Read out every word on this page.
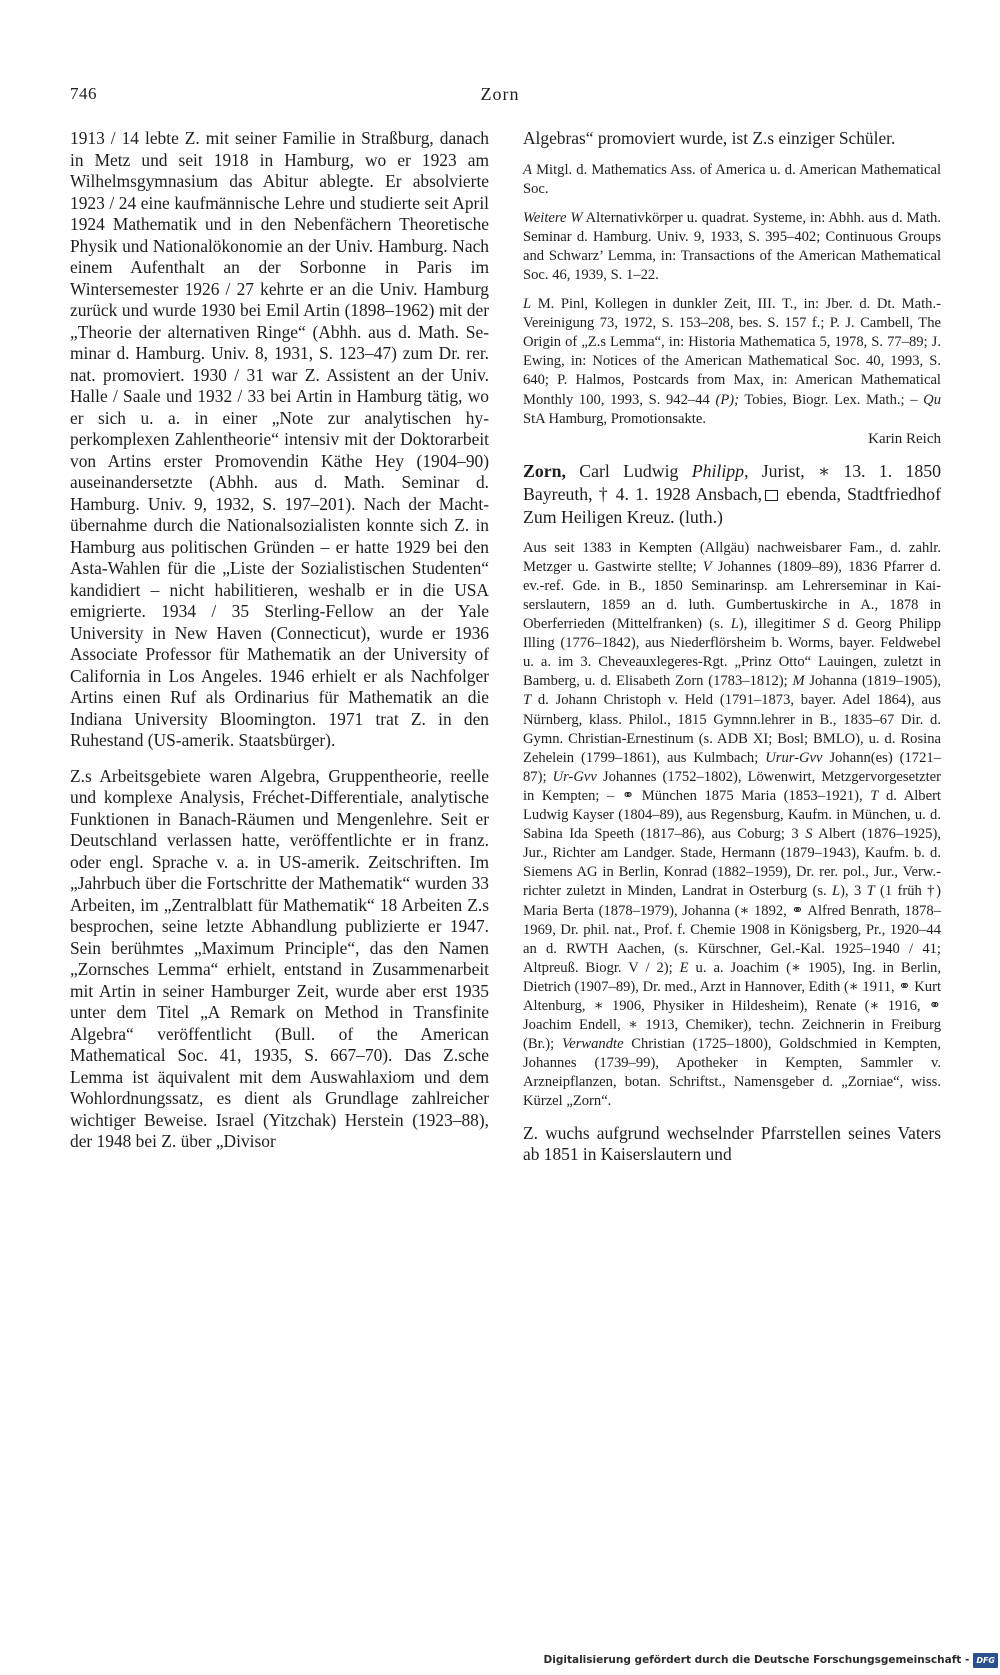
746	Zorn

1913 / 14 lebte Z. mit seiner Familie in Straßburg, danach in Metz und seit 1918 in Hamburg, wo er 1923 am Wilhelmsgymnasium das Abitur ablegte. Er absolvierte 1923 / 24 eine kaufmännische Lehre und studierte seit April 1924 Mathematik und in den Nebenfächern Theoretische Physik und Nationalökonomie an der Univ. Hamburg. Nach einem Aufenthalt an der Sorbonne in Paris im Wintersemester 1926 / 27 kehrte er an die Univ. Hamburg zurück und wurde 1930 bei Emil Artin (1898–1962) mit der „Theorie der alternativen Ringe“ (Abhh. aus d. Math. Seminar d. Hamburg. Univ. 8, 1931, S. 123–47) zum Dr. rer. nat. promoviert. 1930 / 31 war Z. Assistent an der Univ. Halle / Saale und 1932 / 33 bei Artin in Hamburg tätig, wo er sich u. a. in einer „Note zur analytischen hyperkomplexen Zahlentheorie“ intensiv mit der Doktorarbeit von Artins erster Promovendin Käthe Hey (1904–90) auseinandersetzte (Abhh. aus d. Math. Seminar d. Hamburg. Univ. 9, 1932, S. 197–201). Nach der Machtübernahme durch die Nationalsozialisten konnte sich Z. in Hamburg aus politischen Gründen – er hatte 1929 bei den Asta-Wahlen für die „Liste der Sozialistischen Studenten“ kandidiert – nicht habilitieren, weshalb er in die USA emigrierte. 1934 / 35 Sterling-Fellow an der Yale University in New Haven (Connecticut), wurde er 1936 Associate Professor für Mathematik an der University of California in Los Angeles. 1946 erhielt er als Nachfolger Artins einen Ruf als Ordinarius für Mathematik an die Indiana University Bloomington. 1971 trat Z. in den Ruhestand (US-amerik. Staatsbürger).

Z.s Arbeitsgebiete waren Algebra, Gruppentheorie, reelle und komplexe Analysis, Fréchet-Differentiale, analytische Funktionen in Banach-Räumen und Mengenlehre. Seit er Deutschland verlassen hatte, veröffentlichte er in franz. oder engl. Sprache v. a. in US-amerik. Zeitschriften. Im „Jahrbuch über die Fortschritte der Mathematik“ wurden 33 Arbeiten, im „Zentralblatt für Mathematik“ 18 Arbeiten Z.s besprochen, seine letzte Abhandlung publizierte er 1947. Sein berühmtes „Maximum Principle“, das den Namen „Zornsches Lemma“ erhielt, entstand in Zusammenarbeit mit Artin in seiner Hamburger Zeit, wurde aber erst 1935 unter dem Titel „A Remark on Method in Transfinite Algebra“ veröffentlicht (Bull. of the American Mathematical Soc. 41, 1935, S. 667–70). Das Z.sche Lemma ist äquivalent mit dem Auswahlaxiom und dem Wohlordnungssatz, es dient als Grundlage zahlreicher wichtiger Beweise. Israel (Yitzchak) Herstein (1923–88), der 1948 bei Z. über „Divisor

Algebras“ promoviert wurde, ist Z.s einziger Schüler.

A Mitgl. d. Mathematics Ass. of America u. d. American Mathematical Soc.

Weitere W Alternativkörper u. quadrat. Systeme, in: Abhh. aus d. Math. Seminar d. Hamburg. Univ. 9, 1933, S. 395–402; Continuous Groups and Schwarz’ Lemma, in: Transactions of the American Mathematical Soc. 46, 1939, S. 1–22.

L M. Pinl, Kollegen in dunkler Zeit, III. T., in: Jber. d. Dt. Math.-Vereinigung 73, 1972, S. 153–208, bes. S. 157 f.; P. J. Cambell, The Origin of „Z.s Lemma“, in: Historia Mathematica 5, 1978, S. 77–89; J. Ewing, in: Notices of the American Mathematical Soc. 40, 1993, S. 640; P. Halmos, Postcards from Max, in: American Mathematical Monthly 100, 1993, S. 942–44 (P); Tobies, Biogr. Lex. Math.; – Qu StA Hamburg, Promotionsakte.

Karin Reich

Zorn, Carl Ludwig Philipp, Jurist, ∗ 13. 1. 1850 Bayreuth, † 4. 1. 1928 Ansbach, ebenda, Stadtfriedhof Zum Heiligen Kreuz. (luth.)

Aus seit 1383 in Kempten (Allgäu) nachweisbarer Fam., d. zahlr. Metzger u. Gastwirte stellte; V Johannes (1809–89), 1836 Pfarrer d. ev.-ref. Gde. in B., 1850 Seminarinsp. am Lehrerseminar in Kaiserslautern, 1859 an d. luth. Gumbertuskirche in A., 1878 in Oberferrieden (Mittelfranken) (s. L), illegitimer S d. Georg Philipp Illing (1776–1842), aus Niederflörsheim b. Worms, bayer. Feldwebel u. a. im 3. Cheveauxlegeres-Rgt. „Prinz Otto“ Lauingen, zuletzt in Bamberg, u. d. Elisabeth Zorn (1783–1812); M Johanna (1819–1905), T d. Johann Christoph v. Held (1791–1873, bayer. Adel 1864), aus Nürnberg, klass. Philol., 1815 Gymnn.lehrer in B., 1835–67 Dir. d. Gymn. Christian-Ernestinum (s. ADB XI; Bosl; BMLO), u. d. Rosina Zehelein (1799–1861), aus Kulmbach; Urur-Gvv Johann(es) (1721–87); Ur-Gvv Johannes (1752–1802), Löwenwirt, Metzgervorgesetzter in Kempten; – ⚭ München 1875 Maria (1853–1921), T d. Albert Ludwig Kayser (1804–89), aus Regensburg, Kaufm. in München, u. d. Sabina Ida Speeth (1817–86), aus Coburg; 3 S Albert (1876–1925), Jur., Richter am Landger. Stade, Hermann (1879–1943), Kaufm. b. d. Siemens AG in Berlin, Konrad (1882–1959), Dr. rer. pol., Jur., Verw.-richter zuletzt in Minden, Landrat in Osterburg (s. L), 3 T (1 früh †) Maria Berta (1878–1979), Johanna (∗ 1892, ⚭ Alfred Benrath, 1878–1969, Dr. phil. nat., Prof. f. Chemie 1908 in Königsberg, Pr., 1920–44 an d. RWTH Aachen, (s. Kürschner, Gel.-Kal. 1925–1940 / 41; Altpreuß. Biogr. V / 2); E u. a. Joachim (∗ 1905), Ing. in Berlin, Dietrich (1907–89), Dr. med., Arzt in Hannover, Edith (∗ 1911, ⚭ Kurt Altenburg, ∗ 1906, Physiker in Hildesheim), Renate (∗ 1916, ⚭ Joachim Endell, ∗ 1913, Chemiker), techn. Zeichnerin in Freiburg (Br.); Verwandte Christian (1725–1800), Goldschmied in Kempten, Johannes (1739–99), Apotheker in Kempten, Sammler v. Arzneipflanzen, botan. Schriftst., Namensgeber d. „Zorniae“, wiss. Kürzel „Zorn“.

Z. wuchs aufgrund wechselnder Pfarrstellen seines Vaters ab 1851 in Kaiserslautern und

Digitalisierung gefördert durch die Deutsche Forschungsgemeinschaft - DFG
